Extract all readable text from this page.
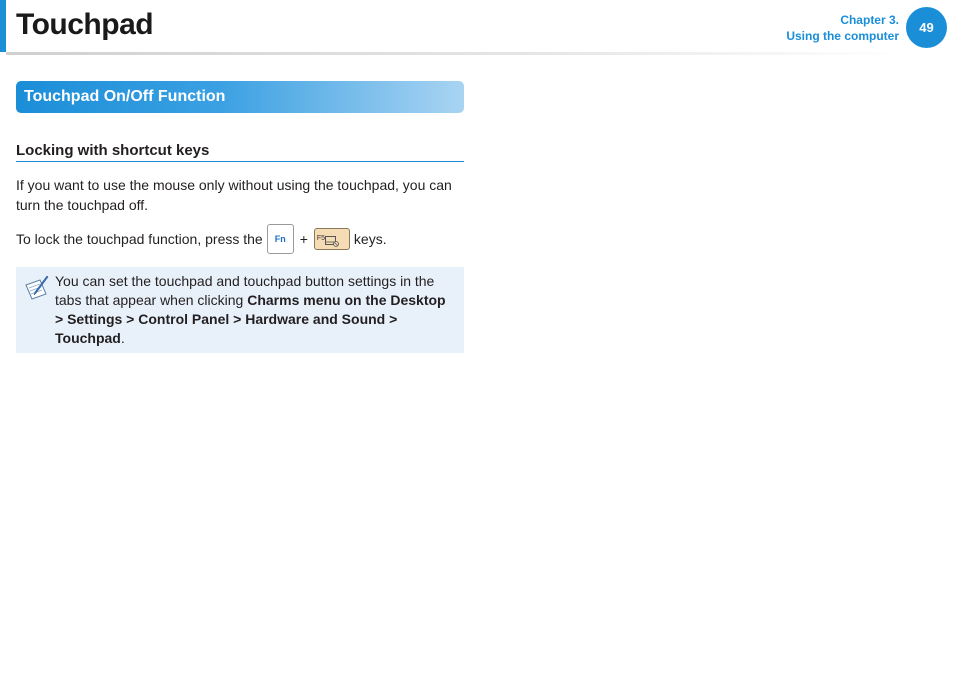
Touchpad	Chapter 3.
Using the computer
49
Touchpad On/Off Function
Locking with shortcut keys
If you want to use the mouse only without using the touchpad, you can turn the touchpad off.
To lock the touchpad function, press the Fn + F5 keys.
You can set the touchpad and touchpad button settings in the tabs that appear when clicking Charms menu on the Desktop > Settings > Control Panel > Hardware and Sound > Touchpad.
